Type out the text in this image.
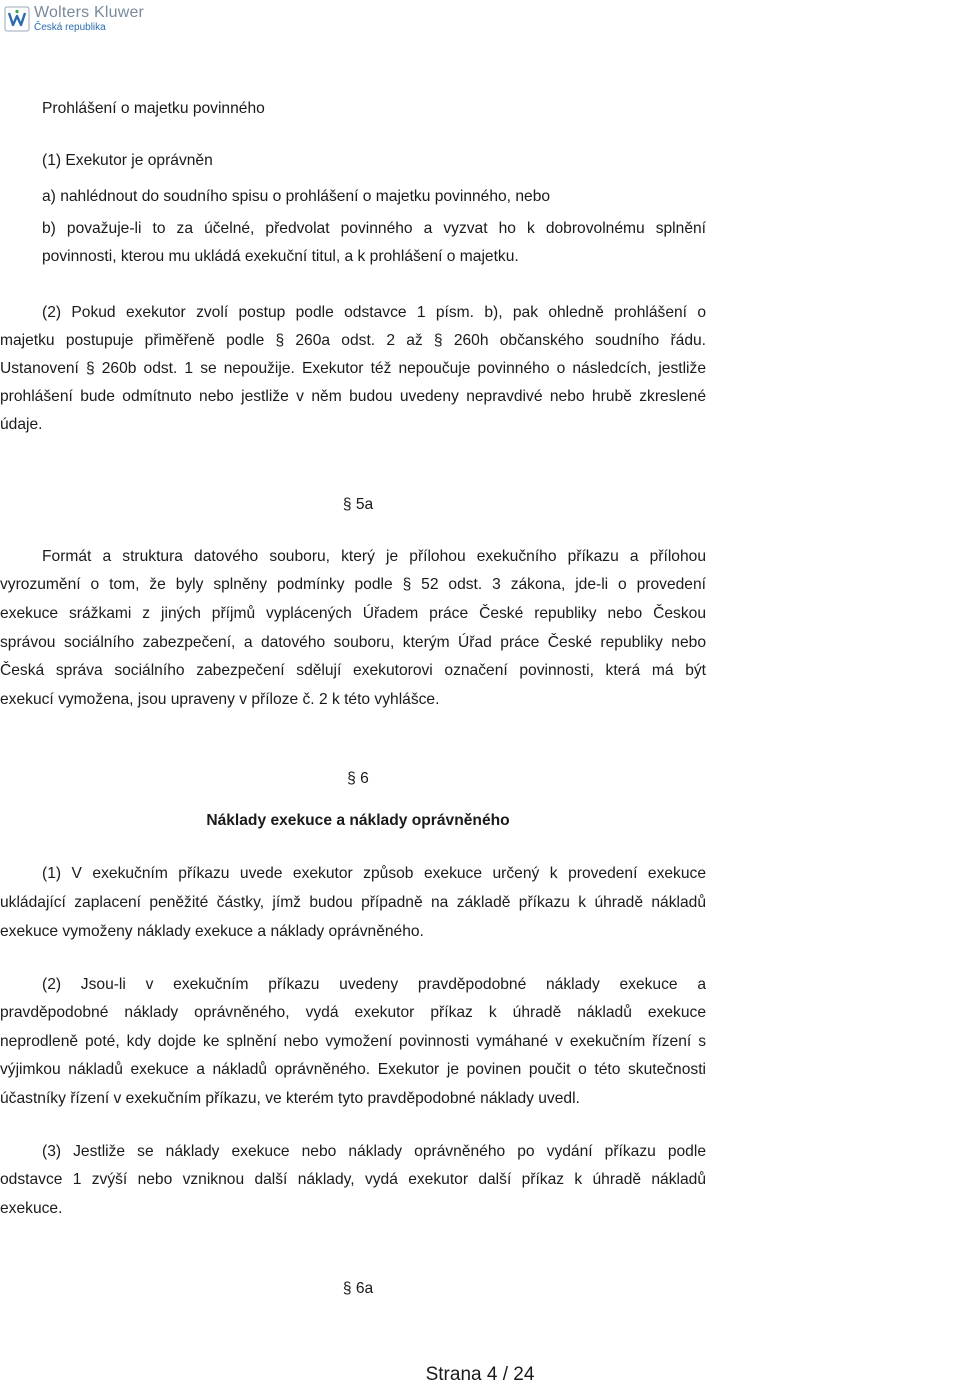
Wolters Kluwer
Česká republika
Prohlášení o majetku povinného
(1) Exekutor je oprávněn
a) nahlédnout do soudního spisu o prohlášení o majetku povinného, nebo
b) považuje-li to za účelné, předvolat povinného a vyzvat ho k dobrovolnému splnění
povinnosti, kterou mu ukládá exekuční titul, a k prohlášení o majetku.
(2) Pokud exekutor zvolí postup podle odstavce 1 písm. b), pak ohledně prohlášení o
majetku postupuje přiměřeně podle § 260a odst. 2 až § 260h občanského soudního řádu.
Ustanovení § 260b odst. 1 se nepoužije. Exekutor též nepoučuje povinného o následcích, jestliže
prohlášení bude odmítnuto nebo jestliže v něm budou uvedeny nepravdivé nebo hrubě zkreslené
údaje.
§ 5a
Formát a struktura datového souboru, který je přílohou exekučního příkazu a přílohou
vyrozumění o tom, že byly splněny podmínky podle § 52 odst. 3 zákona, jde-li o provedení
exekuce srážkami z jiných příjmů vyplácených Úřadem práce České republiky nebo Českou
správou sociálního zabezpečení, a datového souboru, kterým Úřad práce České republiky nebo
Česká správa sociálního zabezpečení sdělují exekutorovi označení povinnosti, která má být
exekucí vymožena, jsou upraveny v příloze č. 2 k této vyhlášce.
§ 6
Náklady exekuce a náklady oprávněného
(1) V exekučním příkazu uvede exekutor způsob exekuce určený k provedení exekuce
ukládající zaplacení peněžité částky, jímž budou případně na základě příkazu k úhradě nákladů
exekuce vymoženy náklady exekuce a náklady oprávněného.
(2) Jsou-li v exekučním příkazu uvedeny pravděpodobné náklady exekuce a
pravděpodobné náklady oprávněného, vydá exekutor příkaz k úhradě nákladů exekuce
neprodleně poté, kdy dojde ke splnění nebo vymožení povinnosti vymáhané v exekučním řízení s
výjimkou nákladů exekuce a nákladů oprávněného. Exekutor je povinen poučit o této skutečnosti
účastníky řízení v exekučním příkazu, ve kterém tyto pravděpodobné náklady uvedl.
(3) Jestliže se náklady exekuce nebo náklady oprávněného po vydání příkazu podle
odstavce 1 zvýší nebo vzniknou další náklady, vydá exekutor další příkaz k úhradě nákladů
exekuce.
§ 6a
Strana 4 / 24
